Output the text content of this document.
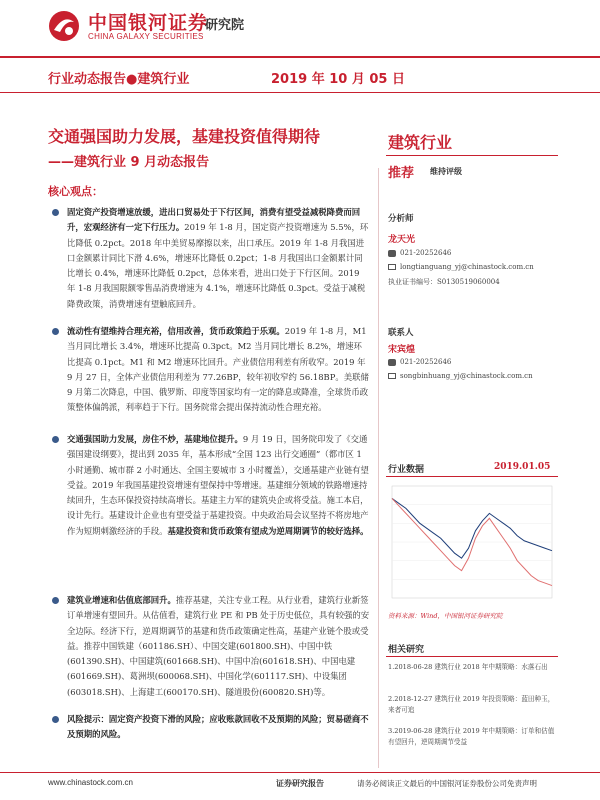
中国银河证券
CHINA GALAXY SECURITIES
研究院
行业动态报告●建筑行业	2019 年 10 月 05 日
交通强国助力发展，基建投资值得期待
——建筑行业 9 月动态报告
核心观点：
固定资产投资增速放缓，进出口贸易处于下行区间，消费有望受益减税降费而回升，宏观经济有一定下行压力。2019 年 1-8 月，国定资产投资增速为 5.5%，环比降低 0.2pct。2018 年中美贸易摩擦以来，出口承压。2019 年 1-8 月我国进口金额累计同比下滑 4.6%，增速环比降低 0.2pct；1-8 月我国出口金额累计同比增长 0.4%，增速环比降低 0.2pct，总体来看，进出口处于下行区间。2019 年 1-8 月我国限额零售品消费增速为 4.1%，增速环比降低 0.3pct。受益于减税降费政策，消费增速有望触底回升。
流动性有望维持合理充裕，信用改善，货币政策趋于乐观。2019 年 1-8 月，M1 当月同比增长 3.4%，增速环比提高 0.3pct。M2 当月同比增长 8.2%，增速环比提高 0.1pct。M1 和 M2 增速环比回升。产业债信用利差有所收窄。2019 年 9 月 27 日，全体产业债信用利差为 77.26BP，较年初收窄约 56.18BP。美联储 9 月第二次降息，中国、俄罗斯、印度等国家均有一定的降息或降准，全球货币政策整体偏鸽派，利率趋于下行。国务院常会提出保持流动性合理充裕。
交通强国助力发展，房住不炒，基建地位提升。9 月 19 日，国务院印发了《交通强国建设纲要》，提出到 2035 年，基本形成“全国 123 出行交通圈”（都市区 1 小时通勤、城市群 2 小时通达、全国主要城市 3 小时覆盖），交通基建产业链有望受益。2019 年我国基建投资增速有望保持中等增速。基建细分领域的铁路增速持续回升，生态环保投资持续高增长。基建主力军的建筑央企或将受益。施工本启，设计先行。基建设计企业也有望受益于基建投资。中央政治局会议坚持不将房地产作为短期刺激经济的手段。基建投资和货币政策有望成为逆周期调节的较好选择。
建筑业增速和估值底部回升。推荐基建，关注专业工程。从行业看，建筑行业新签订单增速有望回升。从估值看，建筑行业 PE 和 PB 处于历史低位，具有较强的安全边际。经济下行，逆周期调节的基建和货币政策确定性高，基建产业链个股或受益。推荐中国铁建（601186.SH）、中国交建(601800.SH)、中国中铁(601390.SH)、中国建筑(601668.SH)、中国中冶(601618.SH)、中国电建(601669.SH)、葛洲坝(600068.SH)、中国化学(601117.SH)、中设集团(603018.SH)、上海建工(600170.SH)、隧道股份(600820.SH)等。
风险提示：固定资产投资下滑的风险；应收账款回收不及预期的风险；贸易磋商不及预期的风险。
建筑行业
推荐 维持评级
分析师
龙天光
021-20252646
longtianguang_yj@chinastock.com.cn
执业证书编号：S0130519060004
联系人
宋宾煌
021-20252646
songbinhuang_yj@chinastock.com.cn
行业数据	2019.01.05
资料来源：Wind，中国银河证券研究院
相关研究
1.2018-06-28 建筑行业 2018 年中期策略：水落石出
2.2018-12-27 建筑行业 2019 年投资策略：蓝田种玉，来者可追
3.2019-06-28 建筑行业 2019 年中期策略：订单和估值有望回升，逆周期调节受益
www.chinastock.com.cn	证券研究报告	请务必阅读正文最后的中国银河证券股份公司免责声明
